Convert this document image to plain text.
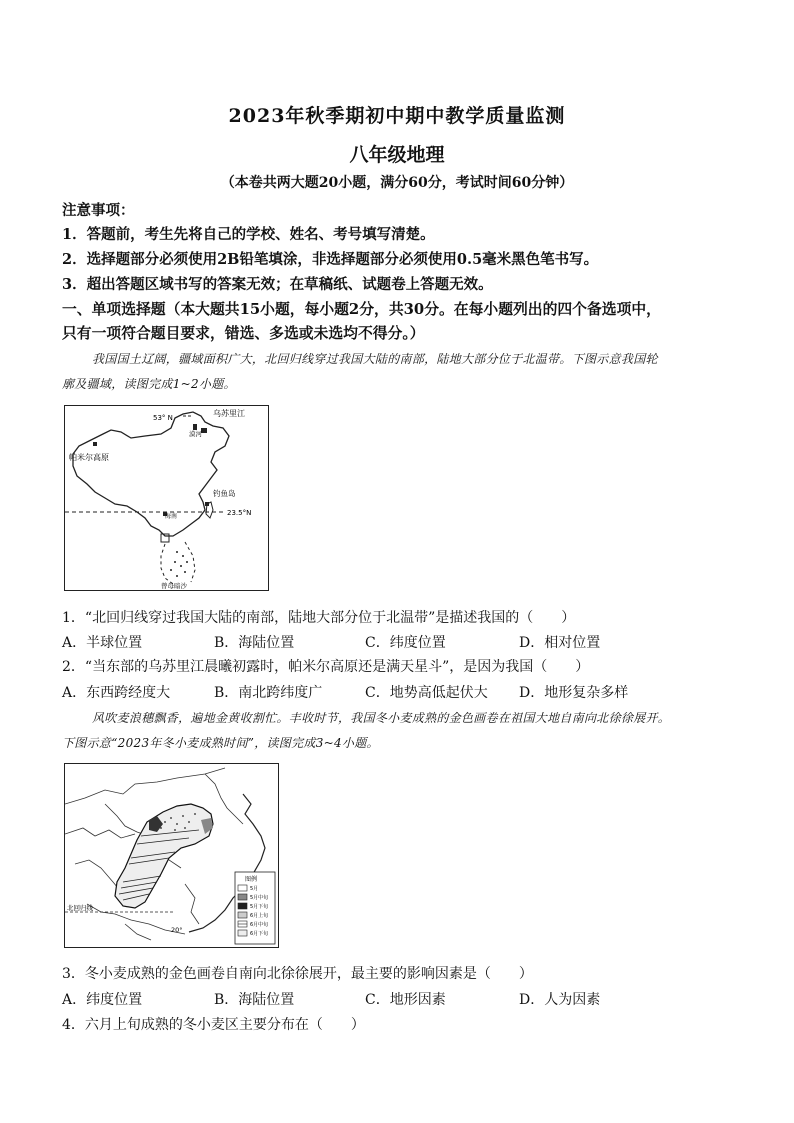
2023年秋季期初中期中教学质量监测
八年级地理
（本卷共两大题20小题，满分60分，考试时间60分钟）
注意事项：
1．答题前，考生先将自己的学校、姓名、考号填写清楚。
2．选择题部分必须使用2B铅笔填涂，非选择题部分必须使用0.5毫米黑色笔书写。
3．超出答题区域书写的答案无效；在草稿纸、试题卷上答题无效。
一、单项选择题（本大题共15小题，每小题2分，共30分。在每小题列出的四个备选项中，
只有一项符合题目要求，错选、多选或未选均不得分。）
我国国土辽阔，疆域面积广大，北回归线穿过我国大陆的南部，陆地大部分位于北温带。下图示意我国轮
廓及疆域，读图完成1~2小题。
53° N	乌苏里江
漠河
帕米尔高原
钓鱼岛
23.5°N
海南
曾母暗沙
1．“北回归线穿过我国大陆的南部，陆地大部分位于北温带”是描述我国的（　　）
A．半球位置	B．海陆位置	C．纬度位置	D．相对位置
2．“当东部的乌苏里江晨曦初露时，帕米尔高原还是满天星斗”，是因为我国（　　）
A．东西跨经度大	B．南北跨纬度广	C．地势高低起伏大 D．地形复杂多样
风吹麦浪穗飘香，遍地金黄收割忙。丰收时节，我国冬小麦成熟的金色画卷在祖国大地自南向北徐徐展开。
下图示意“2023年冬小麦成熟时间”，读图完成3~4小题。
北回归线
20°
图例
5月
5月中旬
5月下旬
6月上旬
6月中旬
6月下旬
3．冬小麦成熟的金色画卷自南向北徐徐展开，最主要的影响因素是（　　）
A．纬度位置	B．海陆位置	C．地形因素	D．人为因素
4．六月上旬成熟的冬小麦区主要分布在（　　）
